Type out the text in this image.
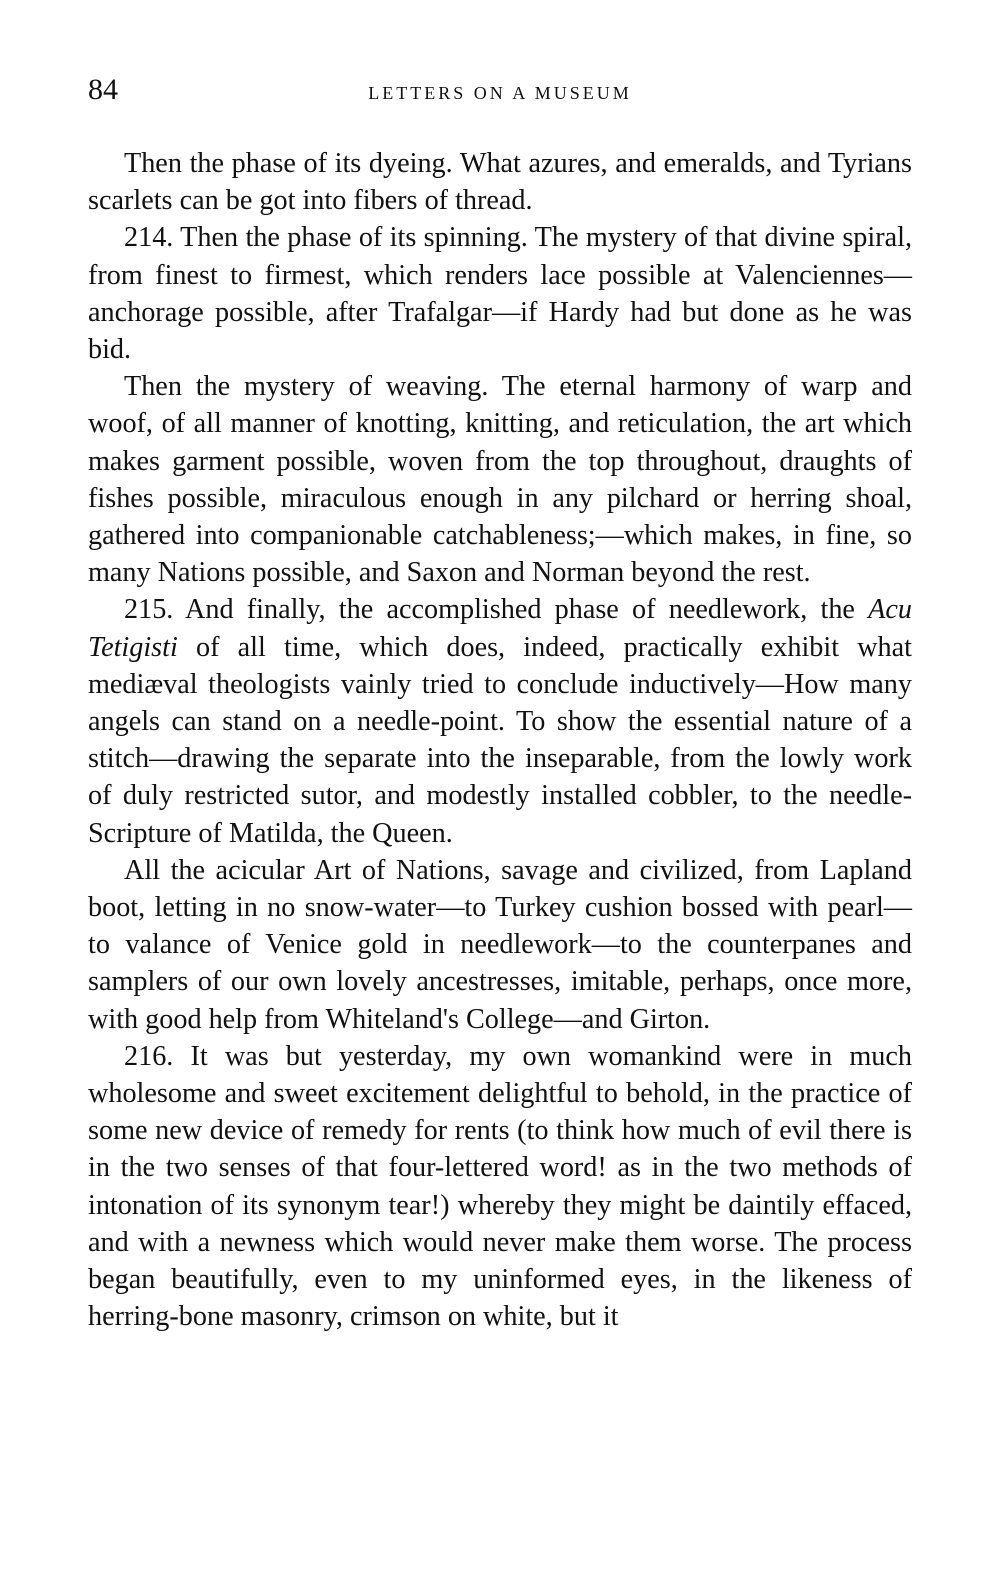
84	LETTERS ON A MUSEUM

Then the phase of its dyeing. What azures, and emeralds, and Tyrians scarlets can be got into fibers of thread.

214. Then the phase of its spinning. The mystery of that divine spiral, from finest to firmest, which renders lace possible at Valenciennes—anchorage possible, after Trafalgar—if Hardy had but done as he was bid.

Then the mystery of weaving. The eternal harmony of warp and woof, of all manner of knotting, knitting, and reticulation, the art which makes garment possible, woven from the top throughout, draughts of fishes possible, miraculous enough in any pilchard or herring shoal, gathered into companionable catchableness;—which makes, in fine, so many Nations possible, and Saxon and Norman beyond the rest.

215. And finally, the accomplished phase of needlework, the Acu Tetigisti of all time, which does, indeed, practically exhibit what mediæval theologists vainly tried to conclude inductively—How many angels can stand on a needle-point. To show the essential nature of a stitch—drawing the separate into the inseparable, from the lowly work of duly restricted sutor, and modestly installed cobbler, to the needle-Scripture of Matilda, the Queen.

All the acicular Art of Nations, savage and civilized, from Lapland boot, letting in no snow-water—to Turkey cushion bossed with pearl—to valance of Venice gold in needlework—to the counterpanes and samplers of our own lovely ancestresses, imitable, perhaps, once more, with good help from Whiteland's College—and Girton.

216. It was but yesterday, my own womankind were in much wholesome and sweet excitement delightful to behold, in the practice of some new device of remedy for rents (to think how much of evil there is in the two senses of that four-lettered word! as in the two methods of intonation of its synonym tear!) whereby they might be daintily effaced, and with a newness which would never make them worse. The process began beautifully, even to my uninformed eyes, in the likeness of herring-bone masonry, crimson on white, but it
